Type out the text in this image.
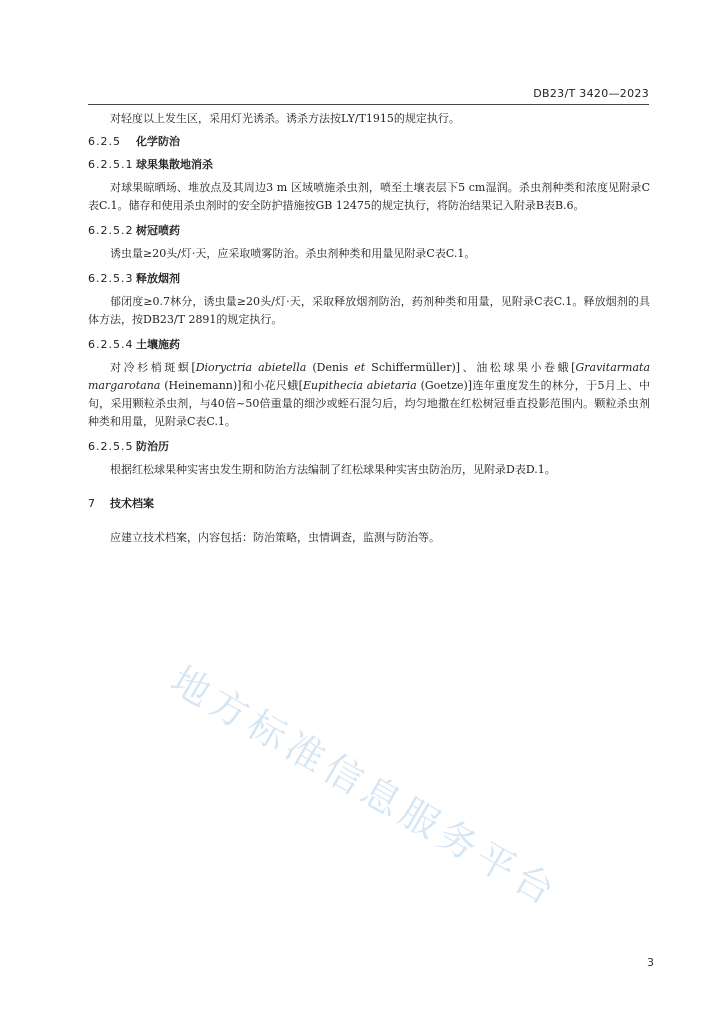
DB23/T 3420—2023

对轻度以上发生区，采用灯光诱杀。诱杀方法按LY/T1915的规定执行。

6.2.5 化学防治

6.2.5.1 球果集散地消杀

对球果晾晒场、堆放点及其周边3 m 区域喷施杀虫剂，喷至土壤表层下5 cm湿润。杀虫剂种类和浓度见附录C表C.1。储存和使用杀虫剂时的安全防护措施按GB 12475的规定执行，将防治结果记入附录B表B.6。

6.2.5.2 树冠喷药

诱虫量≥20头/灯·天，应采取喷雾防治。杀虫剂种类和用量见附录C表C.1。

6.2.5.3 释放烟剂

郁闭度≥0.7林分，诱虫量≥20头/灯·天，采取释放烟剂防治，药剂种类和用量，见附录C表C.1。释放烟剂的具体方法，按DB23/T 2891的规定执行。

6.2.5.4 土壤施药

对冷杉梢斑螟[Dioryctria abietella (Denis et Schiffermüller)]、油松球果小卷蛾[Gravitarmata margarotana (Heinemann)]和小花尺蛾[Eupithecia abietaria (Goetze)]连年重度发生的林分，于5月上、中旬，采用颗粒杀虫剂，与40倍~50倍重量的细沙或蛭石混匀后，均匀地撒在红松树冠垂直投影范围内。颗粒杀虫剂种类和用量，见附录C表C.1。

6.2.5.5 防治历

根据红松球果种实害虫发生期和防治方法编制了红松球果种实害虫防治历，见附录D表D.1。

7 技术档案

应建立技术档案，内容包括：防治策略，虫情调查，监测与防治等。

地方标准信息服务平台
3
